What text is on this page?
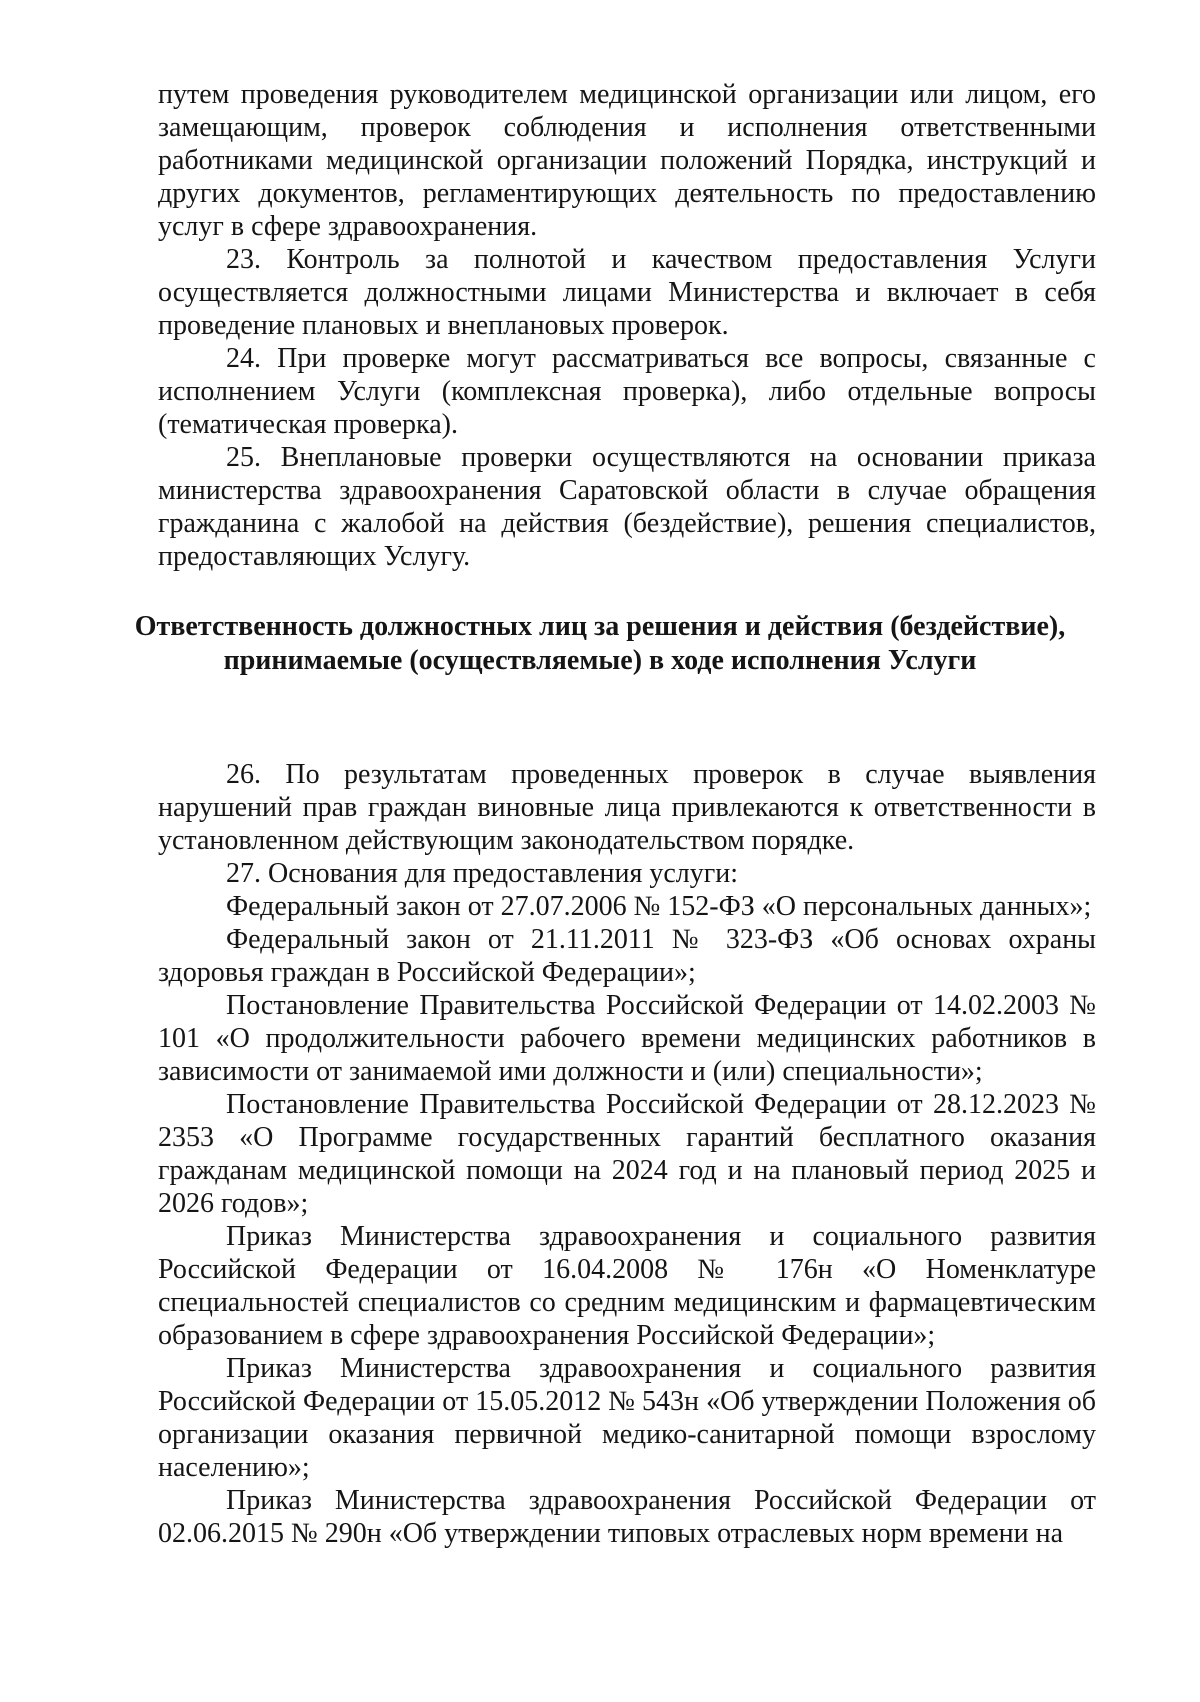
путем проведения руководителем медицинской организации или лицом, его замещающим, проверок соблюдения и исполнения ответственными работниками медицинской организации положений Порядка, инструкций и других документов, регламентирующих деятельность по предоставлению услуг в сфере здравоохранения.

23. Контроль за полнотой и качеством предоставления Услуги осуществляется должностными лицами Министерства и включает в себя проведение плановых и внеплановых проверок.

24. При проверке могут рассматриваться все вопросы, связанные с исполнением Услуги (комплексная проверка), либо отдельные вопросы (тематическая проверка).

25. Внеплановые проверки осуществляются на основании приказа министерства здравоохранения Саратовской области в случае обращения гражданина с жалобой на действия (бездействие), решения специалистов, предоставляющих Услугу.

Ответственность должностных лиц за решения и действия (бездействие),
принимаемые (осуществляемые) в ходе исполнения Услуги

26. По результатам проведенных проверок в случае выявления нарушений прав граждан виновные лица привлекаются к ответственности в установленном действующим законодательством порядке.

27. Основания для предоставления услуги:

Федеральный закон от 27.07.2006 № 152-ФЗ «О персональных данных»;

Федеральный закон от 21.11.2011 № 323-ФЗ «Об основах охраны здоровья граждан в Российской Федерации»;

Постановление Правительства Российской Федерации от 14.02.2003 № 101 «О продолжительности рабочего времени медицинских работников в зависимости от занимаемой ими должности и (или) специальности»;

Постановление Правительства Российской Федерации от 28.12.2023 № 2353 «О Программе государственных гарантий бесплатного оказания гражданам медицинской помощи на 2024 год и на плановый период 2025 и 2026 годов»;

Приказ Министерства здравоохранения и социального развития Российской Федерации от 16.04.2008 № 176н «О Номенклатуре специальностей специалистов со средним медицинским и фармацевтическим образованием в сфере здравоохранения Российской Федерации»;

Приказ Министерства здравоохранения и социального развития Российской Федерации от 15.05.2012 № 543н «Об утверждении Положения об организации оказания первичной медико-санитарной помощи взрослому населению»;

Приказ Министерства здравоохранения Российской Федерации от 02.06.2015 № 290н «Об утверждении типовых отраслевых норм времени на
